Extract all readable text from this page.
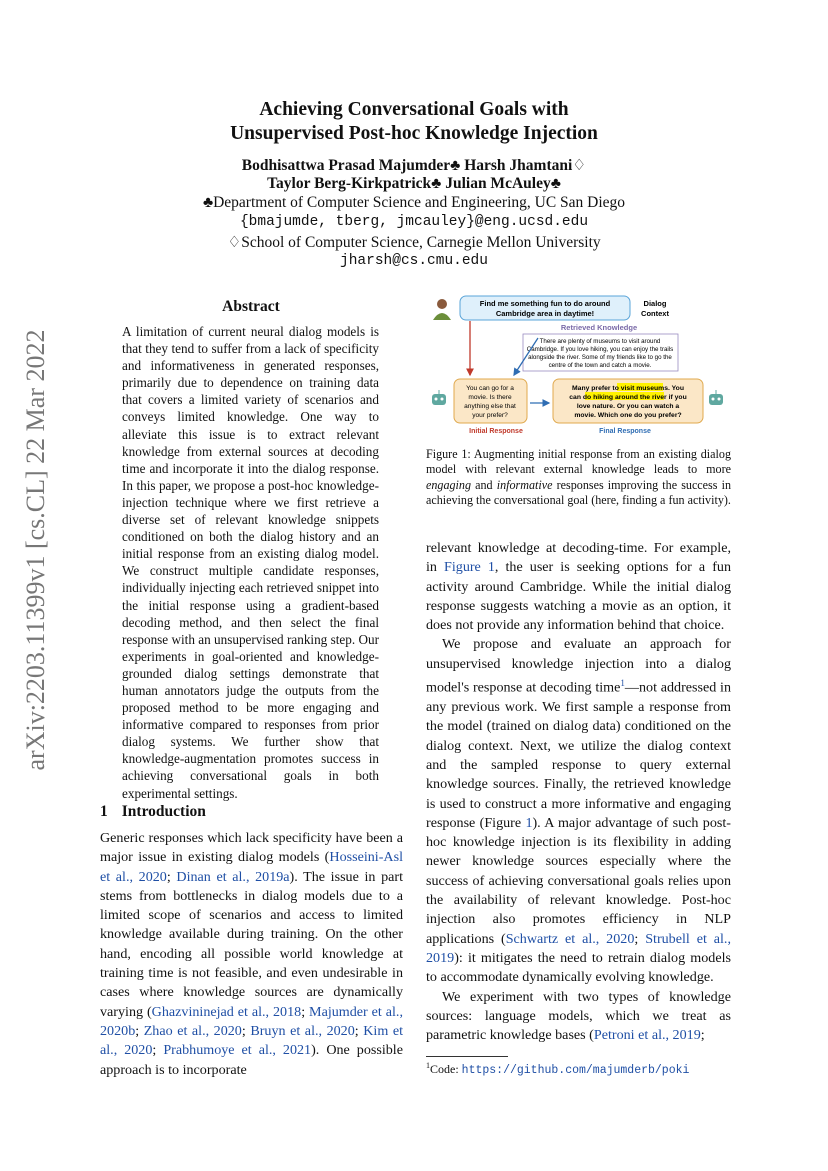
Achieving Conversational Goals with
Unsupervised Post-hoc Knowledge Injection
Bodhisattwa Prasad Majumder♣ Harsh Jhamtani♢
Taylor Berg-Kirkpatrick♣ Julian McAuley♣
♣Department of Computer Science and Engineering, UC San Diego
{bmajumde, tberg, jmcauley}@eng.ucsd.edu
♢School of Computer Science, Carnegie Mellon University
jharsh@cs.cmu.edu
arXiv:2203.11399v1 [cs.CL] 22 Mar 2022
Abstract
A limitation of current neural dialog models is that they tend to suffer from a lack of specificity and informativeness in generated responses, primarily due to dependence on training data that covers a limited variety of scenarios and conveys limited knowledge. One way to alleviate this issue is to extract relevant knowledge from external sources at decoding time and incorporate it into the dialog response. In this paper, we propose a post-hoc knowledge-injection technique where we first retrieve a diverse set of relevant knowledge snippets conditioned on both the dialog history and an initial response from an existing dialog model. We construct multiple candidate responses, individually injecting each retrieved snippet into the initial response using a gradient-based decoding method, and then select the final response with an unsupervised ranking step. Our experiments in goal-oriented and knowledge-grounded dialog settings demonstrate that human annotators judge the outputs from the proposed method to be more engaging and informative compared to responses from prior dialog systems. We further show that knowledge-augmentation promotes success in achieving conversational goals in both experimental settings.
1 Introduction
Generic responses which lack specificity have been a major issue in existing dialog models (Hosseini-Asl et al., 2020; Dinan et al., 2019a). The issue in part stems from bottlenecks in dialog models due to a limited scope of scenarios and access to limited knowledge available during training. On the other hand, encoding all possible world knowledge at training time is not feasible, and even undesirable in cases where knowledge sources are dynamically varying (Ghazvininejad et al., 2018; Majumder et al., 2020b; Zhao et al., 2020; Bruyn et al., 2020; Kim et al., 2020; Prabhumoye et al., 2021). One possible approach is to incorporate
Find me something fun to do around
Cambridge area in daytime!
Dialog
Context
Retrieved Knowledge
There are plenty of museums to visit around
Cambridge. If you love hiking, you can enjoy the trails
alongside the river. Some of my friends like to go the
centre of the town and catch a movie.
You can go for a
movie. Is there
anything else that
your prefer?
Initial Response
Many prefer to visit museums. You
can do hiking around the river if you
love nature. Or you can watch a
movie. Which one do you prefer?
Final Response
Figure 1: Augmenting initial response from an existing dialog model with relevant external knowledge leads to more engaging and informative responses improving the success in achieving the conversational goal (here, finding a fun activity).

relevant knowledge at decoding-time. For example, in Figure 1, the user is seeking options for a fun activity around Cambridge. While the initial dialog response suggests watching a movie as an option, it does not provide any information behind that choice.

We propose and evaluate an approach for unsupervised knowledge injection into a dialog model's response at decoding time$^1$—not addressed in any previous work. We first sample a response from the model (trained on dialog data) conditioned on the dialog context. Next, we utilize the dialog context and the sampled response to query external knowledge sources. Finally, the retrieved knowledge is used to construct a more informative and engaging response (Figure 1). A major advantage of such post-hoc knowledge injection is its flexibility in adding newer knowledge sources especially where the success of achieving conversational goals relies upon the availability of relevant knowledge. Post-hoc injection also promotes efficiency in NLP applications (Schwartz et al., 2020; Strubell et al., 2019): it mitigates the need to retrain dialog models to accommodate dynamically evolving knowledge.

We experiment with two types of knowledge sources: language models, which we treat as parametric knowledge bases (Petroni et al., 2019;

$^1$Code: https://github.com/majumderb/poki
